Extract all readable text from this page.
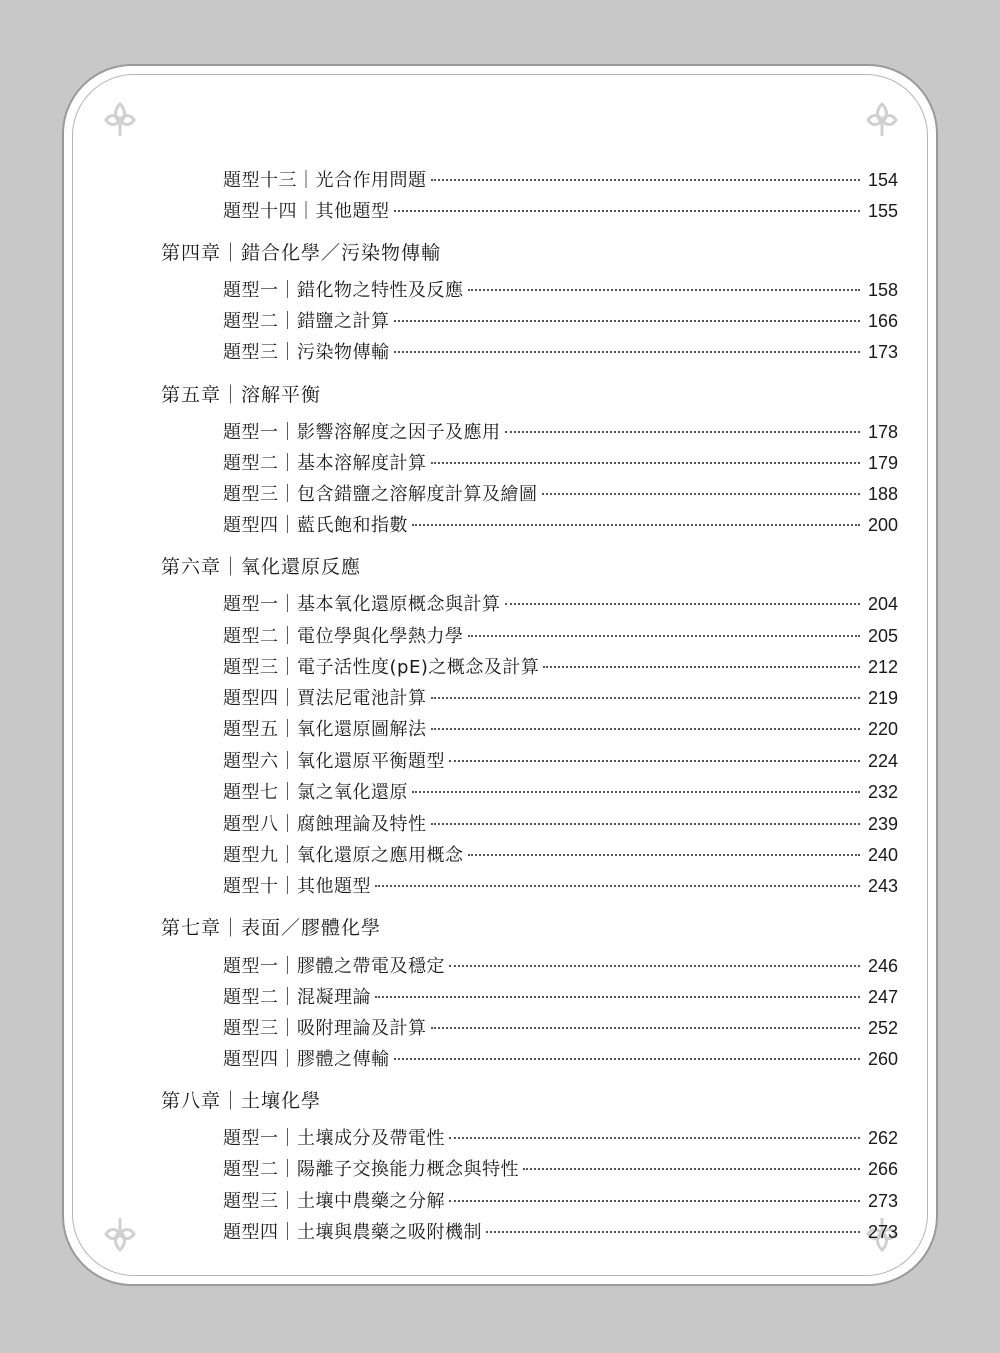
題型十三｜光合作用問題	154
題型十四｜其他題型	155
第四章｜錯合化學／污染物傳輸
題型一｜錯化物之特性及反應	158
題型二｜錯鹽之計算	166
題型三｜污染物傳輸	173
第五章｜溶解平衡
題型一｜影響溶解度之因子及應用	178
題型二｜基本溶解度計算	179
題型三｜包含錯鹽之溶解度計算及繪圖	188
題型四｜藍氏飽和指數	200
第六章｜氧化還原反應
題型一｜基本氧化還原概念與計算	204
題型二｜電位學與化學熱力學	205
題型三｜電子活性度(pE)之概念及計算	212
題型四｜賈法尼電池計算	219
題型五｜氧化還原圖解法	220
題型六｜氧化還原平衡題型	224
題型七｜氯之氧化還原	232
題型八｜腐蝕理論及特性	239
題型九｜氧化還原之應用概念	240
題型十｜其他題型	243
第七章｜表面／膠體化學
題型一｜膠體之帶電及穩定	246
題型二｜混凝理論	247
題型三｜吸附理論及計算	252
題型四｜膠體之傳輸	260
第八章｜土壤化學
題型一｜土壤成分及帶電性	262
題型二｜陽離子交換能力概念與特性	266
題型三｜土壤中農藥之分解	273
題型四｜土壤與農藥之吸附機制	273
